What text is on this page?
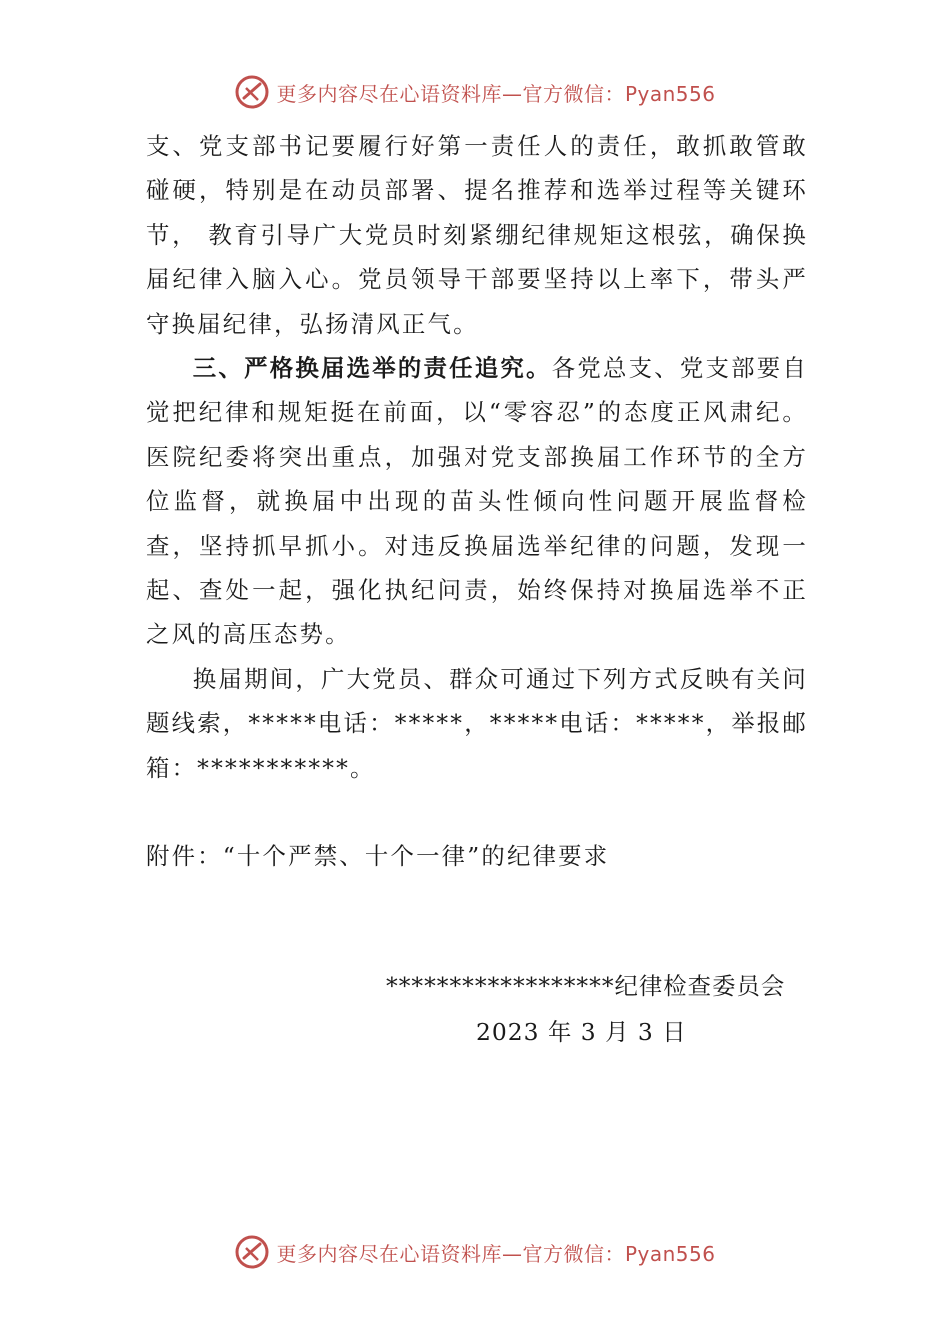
更多内容尽在心语资料库—官方微信：Pyan556

支、党支部书记要履行好第一责任人的责任，敢抓敢管敢碰硬，特别是在动员部署、提名推荐和选举过程等关键环节， 教育引导广大党员时刻紧绷纪律规矩这根弦，确保换届纪律入脑入心。党员领导干部要坚持以上率下，带头严守换届纪律，弘扬清风正气。

三、严格换届选举的责任追究。各党总支、党支部要自觉把纪律和规矩挺在前面，以“零容忍”的态度正风肃纪。 医院纪委将突出重点，加强对党支部换届工作环节的全方位监督，就换届中出现的苗头性倾向性问题开展监督检查，坚持抓早抓小。对违反换届选举纪律的问题，发现一起、查处一起，强化执纪问责，始终保持对换届选举不正之风的高压态势。

换届期间，广大党员、群众可通过下列方式反映有关问题线索，*****电话：*****，*****电话：*****，举报邮箱：***********。

附件：“十个严禁、十个一律”的纪律要求

******************纪律检查委员会
2023 年 3 月 3 日
更多内容尽在心语资料库—官方微信：Pyan556
